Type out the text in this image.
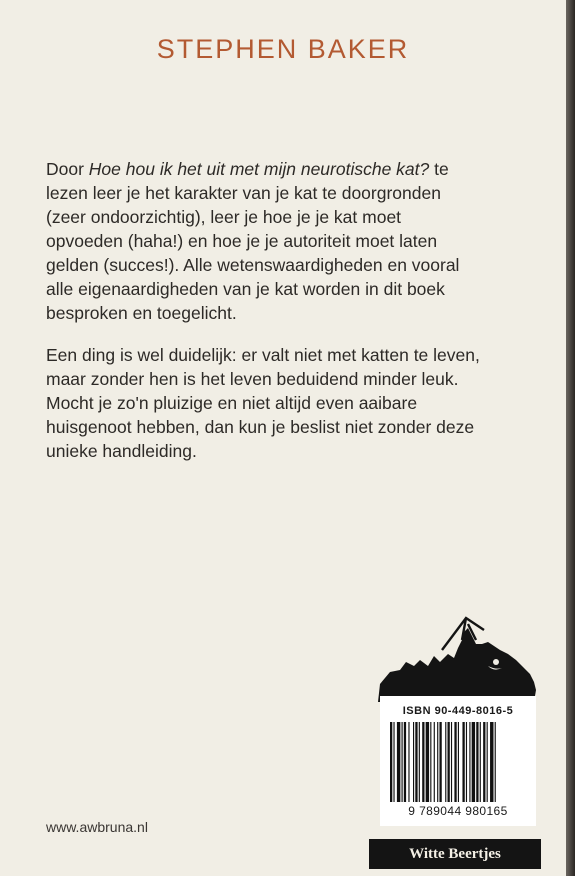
STEPHEN BAKER

Door Hoe hou ik het uit met mijn neurotische kat? te
lezen leer je het karakter van je kat te doorgronden
(zeer ondoorzichtig), leer je hoe je je kat moet
opvoeden (haha!) en hoe je je autoriteit moet laten
gelden (succes!). Alle wetenswaardigheden en vooral
alle eigenaardigheden van je kat worden in dit boek
besproken en toegelicht.

Een ding is wel duidelijk: er valt niet met katten te leven,
maar zonder hen is het leven beduidend minder leuk.
Mocht je zo'n pluizige en niet altijd even aaibare
huisgenoot hebben, dan kun je beslist niet zonder deze
unieke handleiding.

ISBN 90-449-8016-5
9 789044 980165
www.awbruna.nl
Witte Beertjes
